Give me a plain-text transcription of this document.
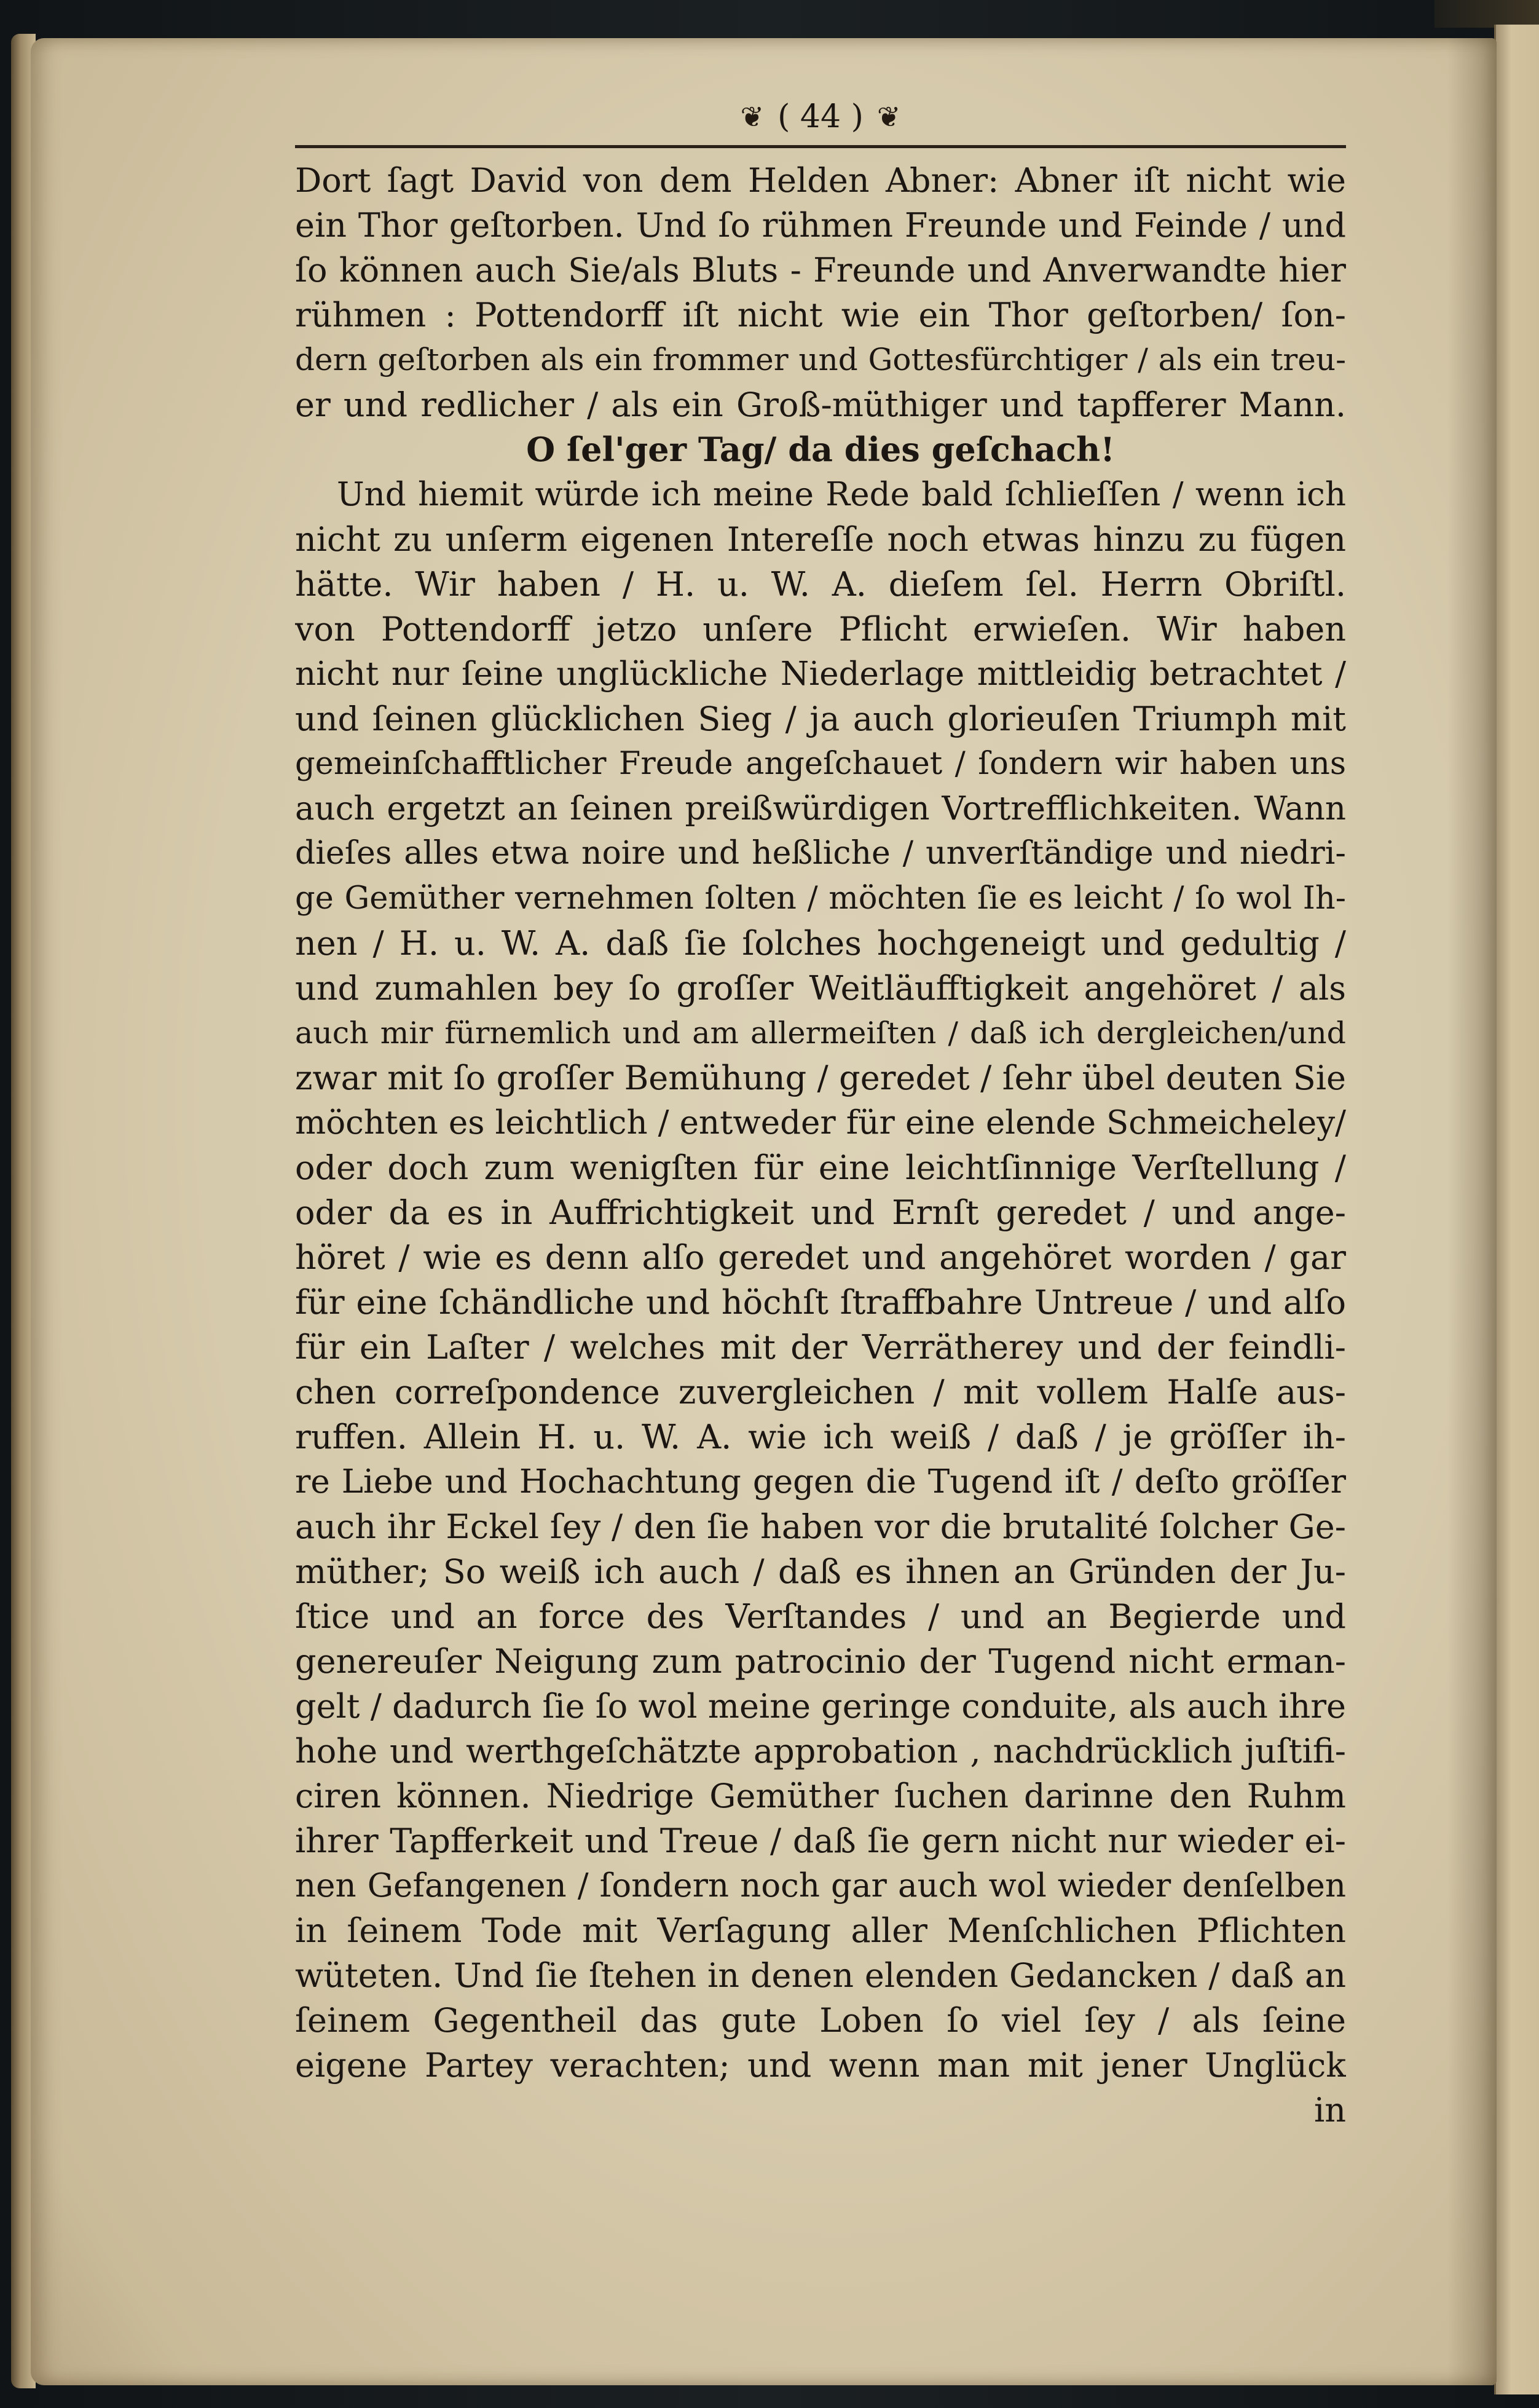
❦ ( 44 ) ❦
Dort ſagt David von dem Helden Abner: Abner iſt nicht wie
ein Thor geſtorben. Und ſo rühmen Freunde und Feinde / und
ſo können auch Sie/als Bluts - Freunde und Anverwandte hier
rühmen : Pottendorff iſt nicht wie ein Thor geſtorben/ ſon-
dern geſtorben als ein frommer und Gottesfürchtiger / als ein treu-
er und redlicher / als ein Groß-müthiger und tapfferer Mann.
O ſel'ger Tag/ da dies geſchach!
Und hiemit würde ich meine Rede bald ſchlieſſen / wenn ich
nicht zu unſerm eigenen Intereſſe noch etwas hinzu zu fügen
hätte. Wir haben / H. u. W. A. dieſem ſel. Herrn Obriſtl.
von Pottendorff jetzo unſere Pflicht erwieſen. Wir haben
nicht nur ſeine unglückliche Niederlage mittleidig betrachtet /
und ſeinen glücklichen Sieg / ja auch glorieuſen Triumph mit
gemeinſchafftlicher Freude angeſchauet / ſondern wir haben uns
auch ergetzt an ſeinen preißwürdigen Vortrefflichkeiten. Wann
dieſes alles etwa noire und heßliche / unverſtändige und niedri-
ge Gemüther vernehmen ſolten / möchten ſie es leicht / ſo wol Ih-
nen / H. u. W. A. daß ſie ſolches hochgeneigt und gedultig /
und zumahlen bey ſo groſſer Weitläufftigkeit angehöret / als
auch mir fürnemlich und am allermeiſten / daß ich dergleichen/und
zwar mit ſo groſſer Bemühung / geredet / ſehr übel deuten Sie
möchten es leichtlich / entweder für eine elende Schmeicheley/
oder doch zum wenigſten für eine leichtſinnige Verſtellung /
oder da es in Auffrichtigkeit und Ernſt geredet / und ange-
höret / wie es denn alſo geredet und angehöret worden / gar
für eine ſchändliche und höchſt ſtraffbahre Untreue / und alſo
für ein Laſter / welches mit der Verrätherey und der feindli-
chen correſpondence zuvergleichen / mit vollem Halſe aus-
ruffen. Allein H. u. W. A. wie ich weiß / daß / je gröſſer ih-
re Liebe und Hochachtung gegen die Tugend iſt / deſto gröſſer
auch ihr Eckel ſey / den ſie haben vor die brutalité ſolcher Ge-
müther; So weiß ich auch / daß es ihnen an Gründen der Ju-
ſtice und an force des Verſtandes / und an Begierde und
genereuſer Neigung zum patrocinio der Tugend nicht erman-
gelt / dadurch ſie ſo wol meine geringe conduite, als auch ihre
hohe und werthgeſchätzte approbation , nachdrücklich juſtifi-
ciren können. Niedrige Gemüther ſuchen darinne den Ruhm
ihrer Tapfferkeit und Treue / daß ſie gern nicht nur wieder ei-
nen Gefangenen / ſondern noch gar auch wol wieder denſelben
in ſeinem Tode mit Verſagung aller Menſchlichen Pflichten
wüteten. Und ſie ſtehen in denen elenden Gedancken / daß an
ſeinem Gegentheil das gute Loben ſo viel ſey / als ſeine
eigene Partey verachten; und wenn man mit jener Unglück
in
